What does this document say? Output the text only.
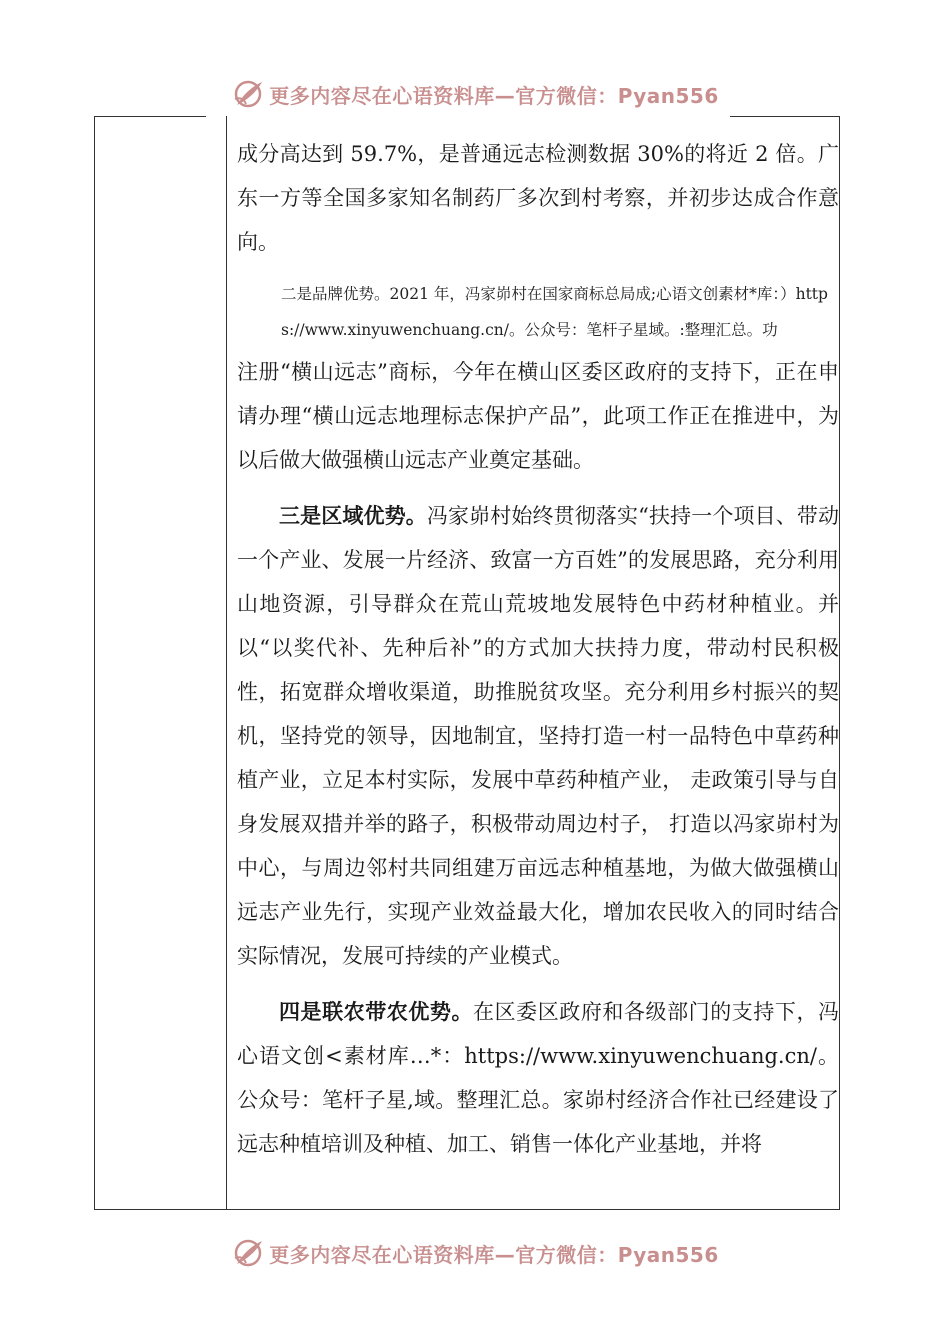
更多内容尽在心语资料库—官方微信：Pyan556

成分高达到 59.7%，是普通远志检测数据 30%的将近 2 倍。广东一方等全国多家知名制药厂多次到村考察，并初步达成合作意向。

二是品牌优势。2021 年，冯家峁村在国家商标总局成;心语文创素材*库：）https://www.xinyuwenchuang.cn/。公众号：笔杆子星域。:整理汇总。功

注册“横山远志”商标，今年在横山区委区政府的支持下，正在申请办理“横山远志地理标志保护产品”，此项工作正在推进中，为以后做大做强横山远志产业奠定基础。

三是区域优势。冯家峁村始终贯彻落实“扶持一个项目、带动一个产业、发展一片经济、致富一方百姓”的发展思路，充分利用山地资源，引导群众在荒山荒坡地发展特色中药材种植业。并以“以奖代补、先种后补”的方式加大扶持力度，带动村民积极性，拓宽群众增收渠道，助推脱贫攻坚。充分利用乡村振兴的契机，坚持党的领导，因地制宜，坚持打造一村一品特色中草药种植产业，立足本村实际，发展中草药种植产业， 走政策引导与自身发展双措并举的路子，积极带动周边村子， 打造以冯家峁村为中心，与周边邻村共同组建万亩远志种植基地，为做大做强横山远志产业先行，实现产业效益最大化，增加农民收入的同时结合实际情况，发展可持续的产业模式。

四是联农带农优势。在区委区政府和各级部门的支持下，冯心语文创<素材库…*：https://www.xinyuwenchuang.cn/。公众号：笔杆子星,域。整理汇总。家峁村经济合作社已经建设了远志种植培训及种植、加工、销售一体化产业基地，并将

更多内容尽在心语资料库—官方微信：Pyan556
